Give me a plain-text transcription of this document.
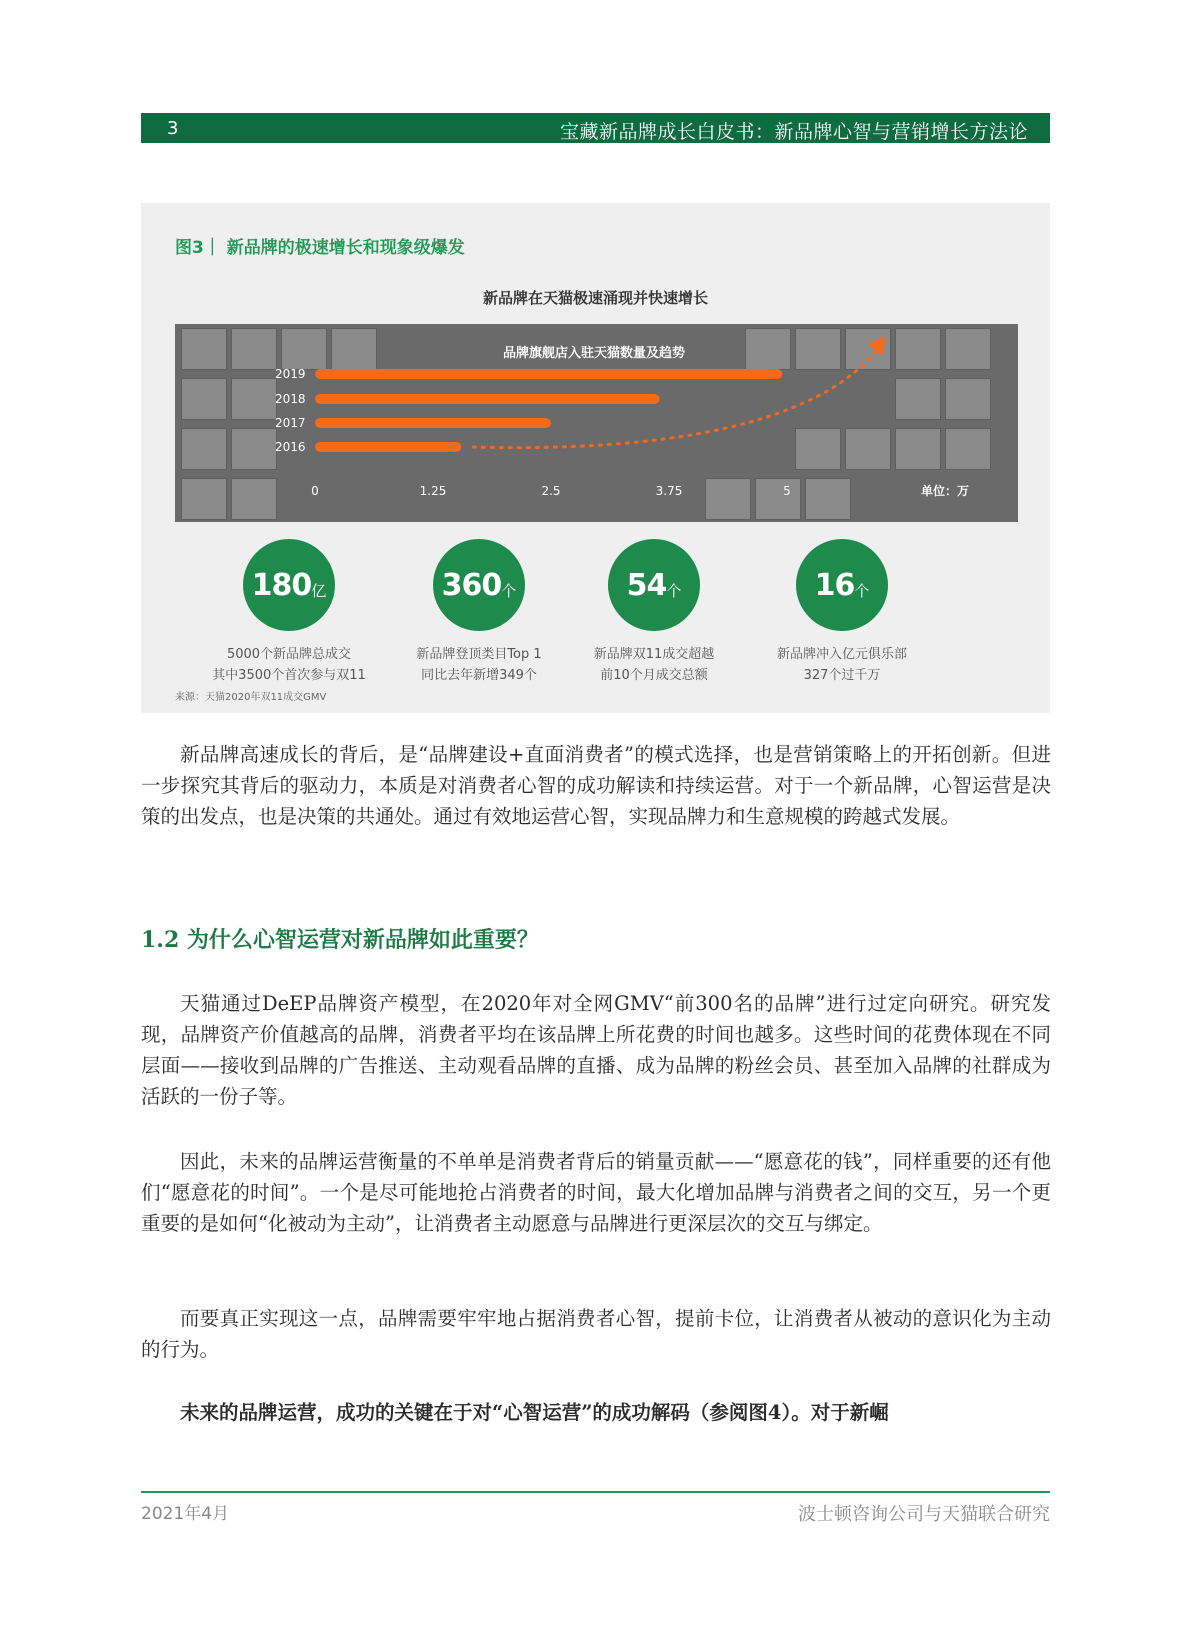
3	宝藏新品牌成长白皮书：新品牌心智与营销增长方法论
图3｜ 新品牌的极速增长和现象级爆发
新品牌在天猫极速涌现并快速增长
品牌旗舰店入驻天猫数量及趋势
2019
2018
2017
2016
0	1.25	2.5	3.75	5	单位：万
180 亿
5000个新品牌总成交
其中3500个首次参与双11
360 个
新品牌登顶类目Top 1
同比去年新增349个
54 个
新品牌双11成交超越
前10个月成交总额
16 个
新品牌冲入亿元俱乐部
327个过千万
来源：天猫2020年双11成交GMV
新品牌高速成长的背后，是“品牌建设+直面消费者”的模式选择，也是营销策略上的开拓创新。但进一步探究其背后的驱动力，本质是对消费者心智的成功解读和持续运营。对于一个新品牌，心智运营是决策的出发点，也是决策的共通处。通过有效地运营心智，实现品牌力和生意规模的跨越式发展。
1.2 为什么心智运营对新品牌如此重要？
天猫通过DeEP品牌资产模型，在2020年对全网GMV“前300名的品牌”进行过定向研究。研究发现，品牌资产价值越高的品牌，消费者平均在该品牌上所花费的时间也越多。这些时间的花费体现在不同层面——接收到品牌的广告推送、主动观看品牌的直播、成为品牌的粉丝会员、甚至加入品牌的社群成为活跃的一份子等。
因此，未来的品牌运营衡量的不单单是消费者背后的销量贡献——“愿意花的钱”，同样重要的还有他们“愿意花的时间”。一个是尽可能地抢占消费者的时间，最大化增加品牌与消费者之间的交互，另一个更重要的是如何“化被动为主动”，让消费者主动愿意与品牌进行更深层次的交互与绑定。
而要真正实现这一点，品牌需要牢牢地占据消费者心智，提前卡位，让消费者从被动的意识化为主动的行为。
未来的品牌运营，成功的关键在于对“心智运营”的成功解码（参阅图4）。对于新崛
2021年4月	波士顿咨询公司与天猫联合研究
